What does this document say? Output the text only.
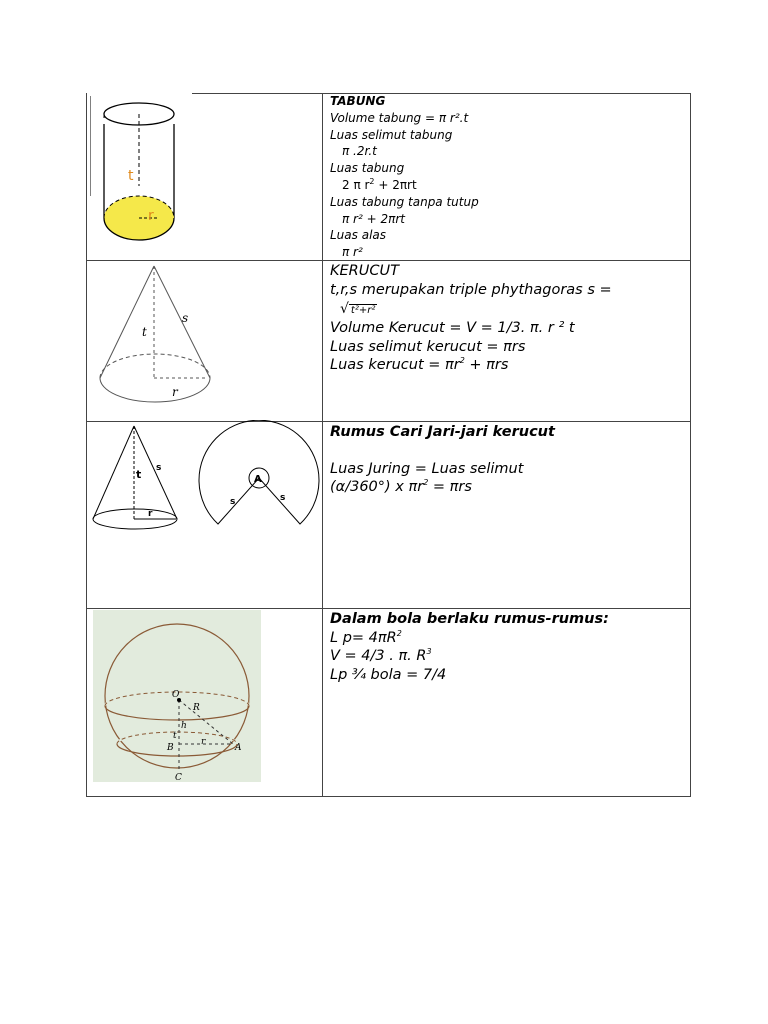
t
r
TABUNG
Volume tabung = π r².t
Luas selimut tabung
π .2r.t
Luas tabung
2 π $r^2 + 2\pi rt$
Luas tabung tanpa tutup
π r² + 2πrt
Luas alas
π r²
t
s
r
KERUCUT
t,r,s merupakan triple phythagoras s =
√ t²+r²
Volume Kerucut = V = 1/3. π. r ² t
Luas selimut kerucut = πrs
Luas kerucut = $\pi r^2 + \pi rs$
t s
r
A
s	s
Rumus Cari Jari-jari kerucut
Luas Juring = Luas selimut
(α/360°) x $\pi r^2 = \pi rs$
O
R
h
t
B
r
A
C
Dalam bola berlaku rumus-rumus:
L $p= 4\pi R^2$
V = 4/3 . π. $R^3$
Lp ¾ bola = 7/4
